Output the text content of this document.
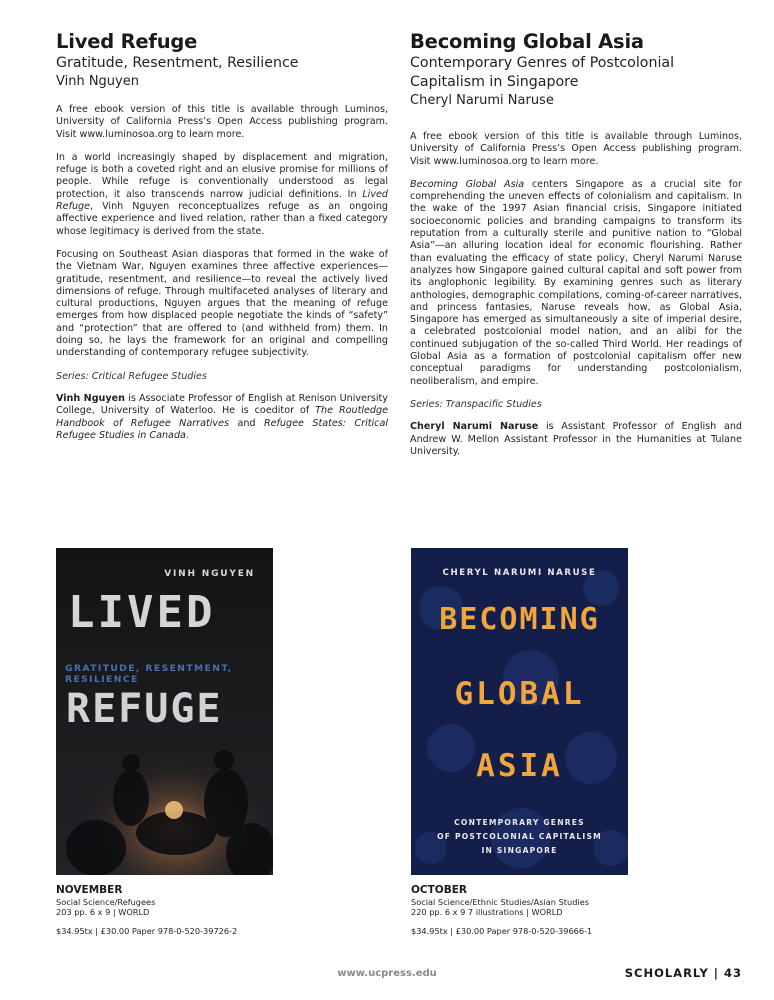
Lived Refuge

Gratitude, Resentment, Resilience

Vinh Nguyen

A free ebook version of this title is available through Luminos, University of California Press’s Open Access publishing program. Visit www.luminosoa.org to learn more.

In a world increasingly shaped by displacement and migration, refuge is both a coveted right and an elusive promise for millions of people. While refuge is conventionally understood as legal protection, it also transcends narrow judicial definitions. In Lived Refuge, Vinh Nguyen reconceptualizes refuge as an ongoing affective experience and lived relation, rather than a fixed category whose legitimacy is derived from the state.

Focusing on Southeast Asian diasporas that formed in the wake of the Vietnam War, Nguyen examines three affective experiences—gratitude, resentment, and resilience—to reveal the actively lived dimensions of refuge. Through multifaceted analyses of literary and cultural productions, Nguyen argues that the meaning of refuge emerges from how displaced people negotiate the kinds of “safety” and “protection” that are offered to (and withheld from) them. In doing so, he lays the framework for an original and compelling understanding of contemporary refugee subjectivity.

Series: Critical Refugee Studies

Vinh Nguyen is Associate Professor of English at Renison University College, University of Waterloo. He is coeditor of The Routledge Handbook of Refugee Narratives and Refugee States: Critical Refugee Studies in Canada.

Becoming Global Asia

Contemporary Genres of Postcolonial

Capitalism in Singapore

Cheryl Narumi Naruse

A free ebook version of this title is available through Luminos, University of California Press’s Open Access publishing program. Visit www.luminosoa.org to learn more.

Becoming Global Asia centers Singapore as a crucial site for comprehending the uneven effects of colonialism and capitalism. In the wake of the 1997 Asian financial crisis, Singapore initiated socioeconomic policies and branding campaigns to transform its reputation from a culturally sterile and punitive nation to “Global Asia”—an alluring location ideal for economic flourishing. Rather than evaluating the efficacy of state policy, Cheryl Narumi Naruse analyzes how Singapore gained cultural capital and soft power from its anglophonic legibility. By examining genres such as literary anthologies, demographic compilations, coming-of-career narratives, and princess fantasies, Naruse reveals how, as Global Asia, Singapore has emerged as simultaneously a site of imperial desire, a celebrated postcolonial model nation, and an alibi for the continued subjugation of the so-called Third World. Her readings of Global Asia as a formation of postcolonial capitalism offer new conceptual paradigms for understanding postcolonialism, neoliberalism, and empire.

Series: Transpacific Studies

Cheryl Narumi Naruse is Assistant Professor of English and Andrew W. Mellon Assistant Professor in the Humanities at Tulane University.

VINH NGUYEN
LIVED
GRATITUDE, RESENTMENT, RESILIENCE
REFUGE
CHERYL NARUMI NARUSE
BECOMING
GLOBAL
ASIA
CONTEMPORARY GENRES
OF POSTCOLONIAL CAPITALISM
IN SINGAPORE

NOVEMBER

Social Science/Refugees

203 pp. 6 x 9 | WORLD

$34.95tx | £30.00 Paper 978-0-520-39726-2

OCTOBER

Social Science/Ethnic Studies/Asian Studies

220 pp. 6 x 9 7 illustrations | WORLD

$34.95tx | £30.00 Paper 978-0-520-39666-1

www.ucpress.edu	SCHOLARLY | 43
